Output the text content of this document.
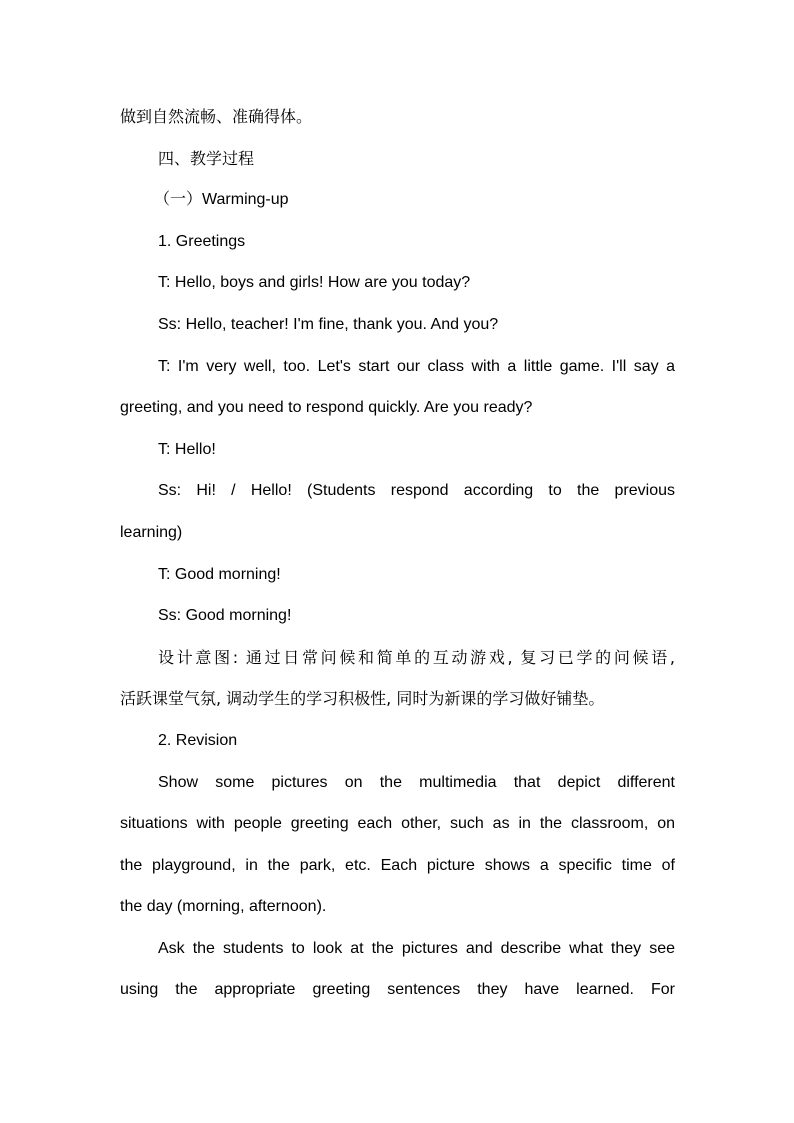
做到自然流畅、准确得体。
四、教学过程
（一）Warming-up
1. Greetings
T: Hello, boys and girls! How are you today?
Ss: Hello, teacher! I'm fine, thank you. And you?
T: I'm very well, too. Let's start our class with a little game. I'll say a
greeting, and you need to respond quickly. Are you ready?
T: Hello!
Ss: Hi! / Hello! (Students respond according to the previous
learning)
T: Good morning!
Ss: Good morning!
设计意图: 通过日常问候和简单的互动游戏, 复习已学的问候语,
活跃课堂气氛, 调动学生的学习积极性, 同时为新课的学习做好铺垫。
2. Revision
Show some pictures on the multimedia that depict different
situations with people greeting each other, such as in the classroom, on
the playground, in the park, etc. Each picture shows a specific time of
the day (morning, afternoon).
Ask the students to look at the pictures and describe what they see
using the appropriate greeting sentences they have learned. For
